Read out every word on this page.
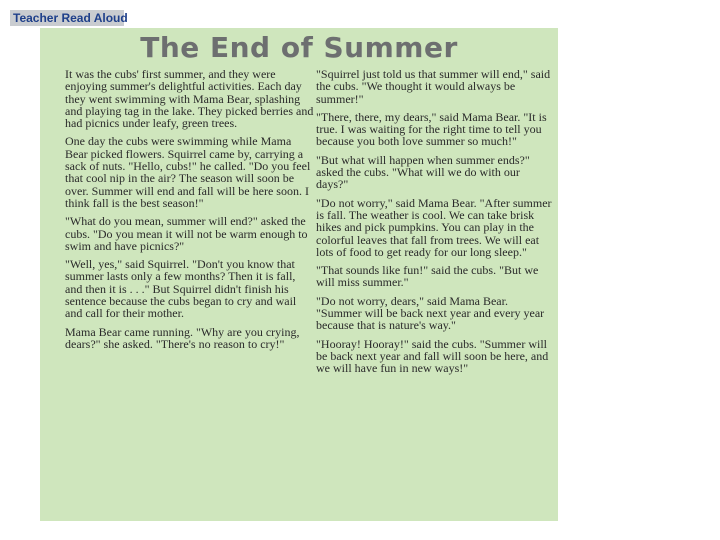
Teacher Read Aloud
The End of Summer

It was the cubs' first summer, and they were enjoying summer's delightful activities. Each day they went swimming with Mama Bear, splashing and playing tag in the lake. They picked berries and had picnics under leafy, green trees.

One day the cubs were swimming while Mama Bear picked flowers. Squirrel came by, carrying a sack of nuts. "Hello, cubs!" he called. "Do you feel that cool nip in the air? The season will soon be over. Summer will end and fall will be here soon. I think fall is the best season!"

"What do you mean, summer will end?" asked the cubs. "Do you mean it will not be warm enough to swim and have picnics?"

"Well, yes," said Squirrel. "Don't you know that summer lasts only a few months? Then it is fall, and then it is . . ." But Squirrel didn't finish his sentence because the cubs began to cry and wail and call for their mother.

Mama Bear came running. "Why are you crying, dears?" she asked. "There's no reason to cry!"

"Squirrel just told us that summer will end," said the cubs. "We thought it would always be summer!"

"There, there, my dears," said Mama Bear. "It is true. I was waiting for the right time to tell you because you both love summer so much!"

"But what will happen when summer ends?" asked the cubs. "What will we do with our days?"

"Do not worry," said Mama Bear. "After summer is fall. The weather is cool. We can take brisk hikes and pick pumpkins. You can play in the colorful leaves that fall from trees. We will eat lots of food to get ready for our long sleep."

"That sounds like fun!" said the cubs. "But we will miss summer."

"Do not worry, dears," said Mama Bear. "Summer will be back next year and every year because that is nature's way."

"Hooray! Hooray!" said the cubs. "Summer will be back next year and fall will soon be here, and we will have fun in new ways!"
